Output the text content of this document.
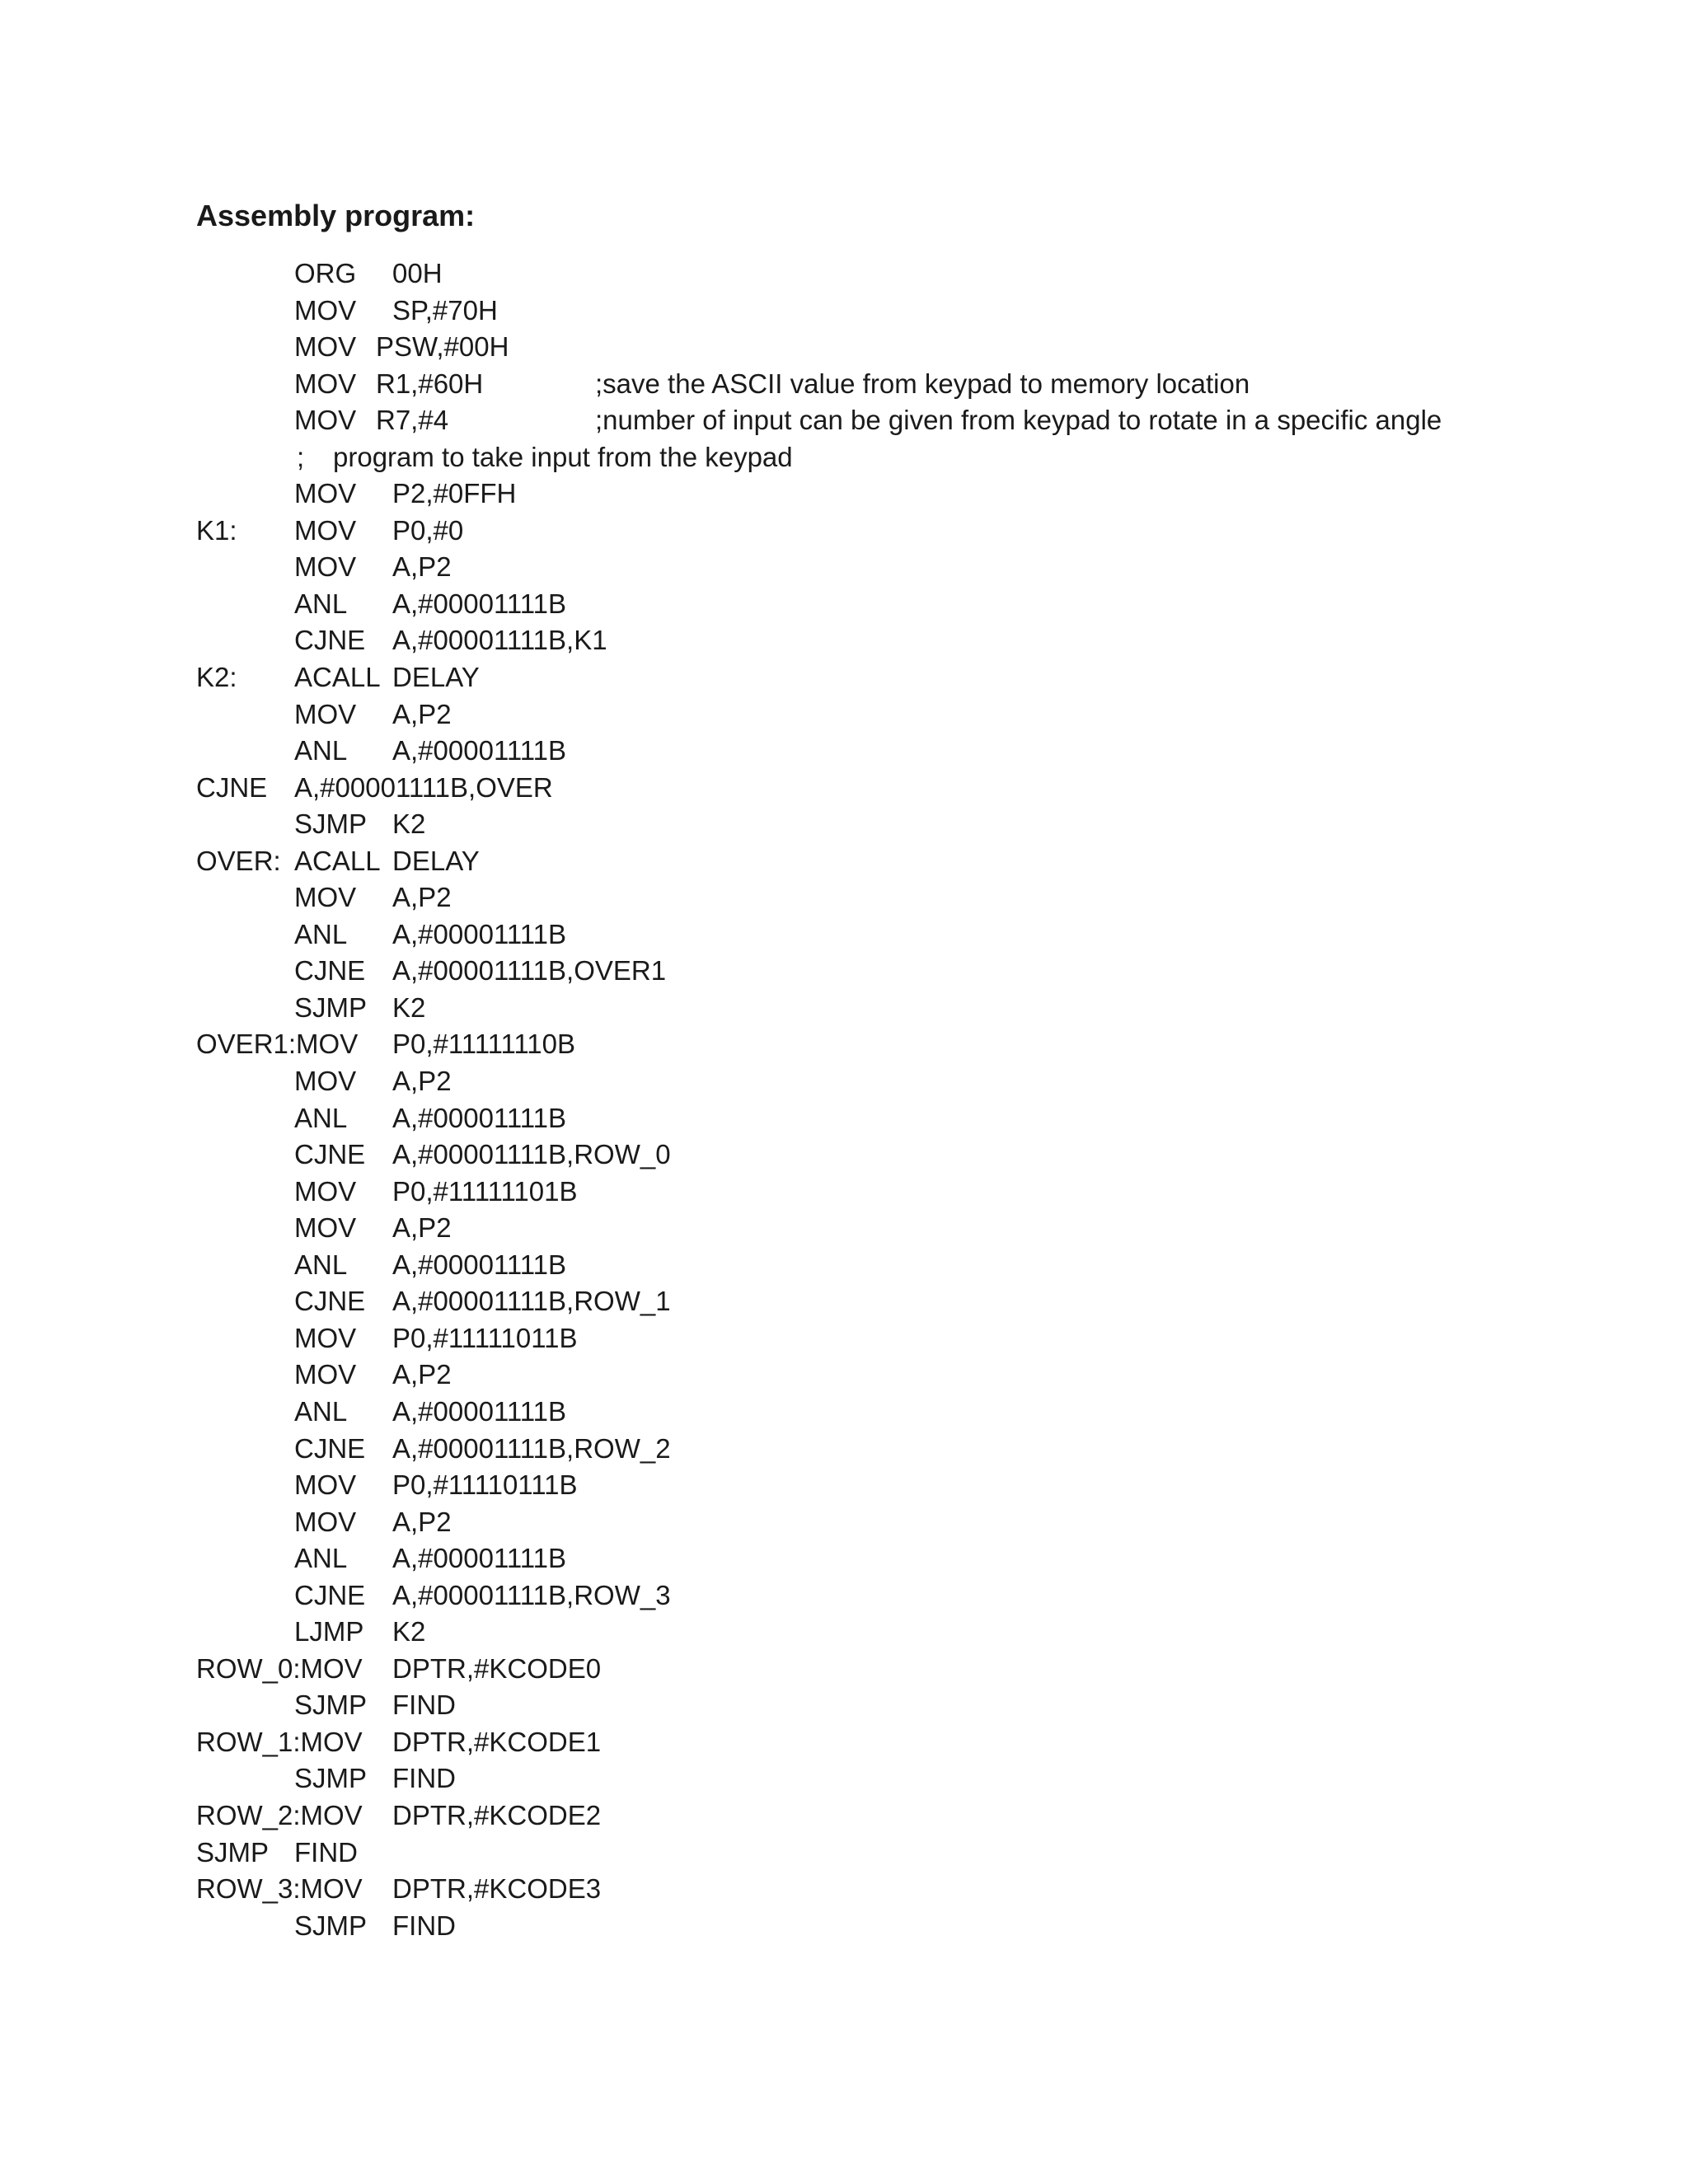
Assembly program:
ORG 00H
MOV SP,#70H
MOV PSW,#00H
MOV R1,#60H	;save the ASCII value from keypad to memory location
MOV R7,#4	;number of input can be given from keypad to rotate in a specific angle
; program to take input from the keypad
MOV P2,#0FFH
K1: MOV P0,#0
MOV A,P2
ANL A,#00001111B
CJNE A,#00001111B,K1
K2: ACALL DELAY
MOV A,P2
ANL A,#00001111B
CJNE A,#00001111B,OVER
SJMP K2
OVER: ACALL DELAY
MOV A,P2
ANL A,#00001111B
CJNE A,#00001111B,OVER1
SJMP K2
OVER1:MOV P0,#11111110B
MOV A,P2
ANL A,#00001111B
CJNE A,#00001111B,ROW_0
MOV P0,#11111101B
MOV A,P2
ANL A,#00001111B
CJNE A,#00001111B,ROW_1
MOV P0,#11111011B
MOV A,P2
ANL A,#00001111B
CJNE A,#00001111B,ROW_2
MOV P0,#11110111B
MOV A,P2
ANL A,#00001111B
CJNE A,#00001111B,ROW_3
LJMP K2
ROW_0:MOV DPTR,#KCODE0
SJMP FIND
ROW_1:MOV DPTR,#KCODE1
SJMP FIND
ROW_2:MOV DPTR,#KCODE2
SJMP FIND
ROW_3:MOV DPTR,#KCODE3
SJMP FIND
